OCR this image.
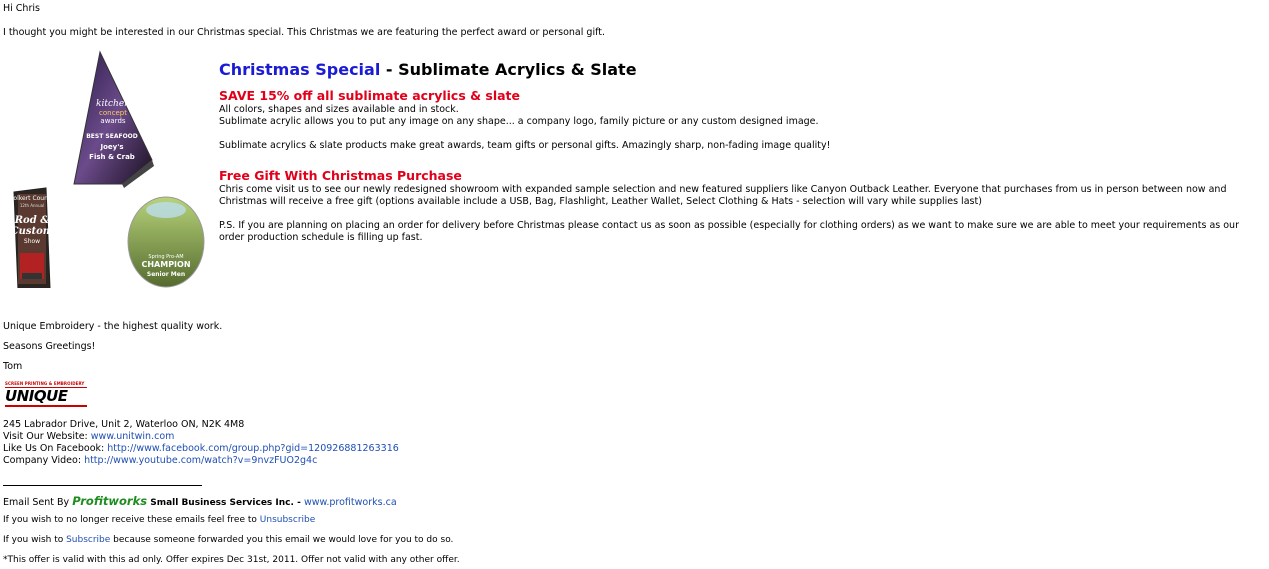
Hi Chris
I thought you might be interested in our Christmas special. This Christmas we are featuring the perfect award or personal gift.
kitchen
concept
awards
BEST SEAFOOD
Joey's
Fish & Crab
Folkert County
12th Annual
Rod &
Custom
Show
Spring Pro-AM
CHAMPION
Senior Men
Christmas Special - Sublimate Acrylics & Slate
SAVE 15% off all sublimate acrylics & slate
All colors, shapes and sizes available and in stock.
Sublimate acrylic allows you to put any image on any shape... a company logo, family picture or any custom designed image.
Sublimate acrylics & slate products make great awards, team gifts or personal gifts. Amazingly sharp, non-fading image quality!
Free Gift With Christmas Purchase
Chris come visit us to see our newly redesigned showroom with expanded sample selection and new featured suppliers like Canyon Outback Leather. Everyone that purchases from us in person between now and Christmas will receive a free gift (options available include a USB, Bag, Flashlight, Leather Wallet, Select Clothing & Hats - selection will vary while supplies last)
P.S. If you are planning on placing an order for delivery before Christmas please contact us as soon as possible (especially for clothing orders) as we want to make sure we are able to meet your requirements as our order production schedule is filling up fast.
Unique Embroidery - the highest quality work.
Seasons Greetings!
Tom
SCREEN PRINTING & EMBROIDERY
UNIQUE
245 Labrador Drive, Unit 2, Waterloo ON, N2K 4M8
Visit Our Website: www.unitwin.com
Like Us On Facebook: http://www.facebook.com/group.php?gid=120926881263316
Company Video: http://www.youtube.com/watch?v=9nvzFUO2g4c
Email Sent By Profitworks Small Business Services Inc. - www.profitworks.ca
If you wish to no longer receive these emails feel free to Unsubscribe
If you wish to Subscribe because someone forwarded you this email we would love for you to do so.
*This offer is valid with this ad only. Offer expires Dec 31st, 2011. Offer not valid with any other offer.
